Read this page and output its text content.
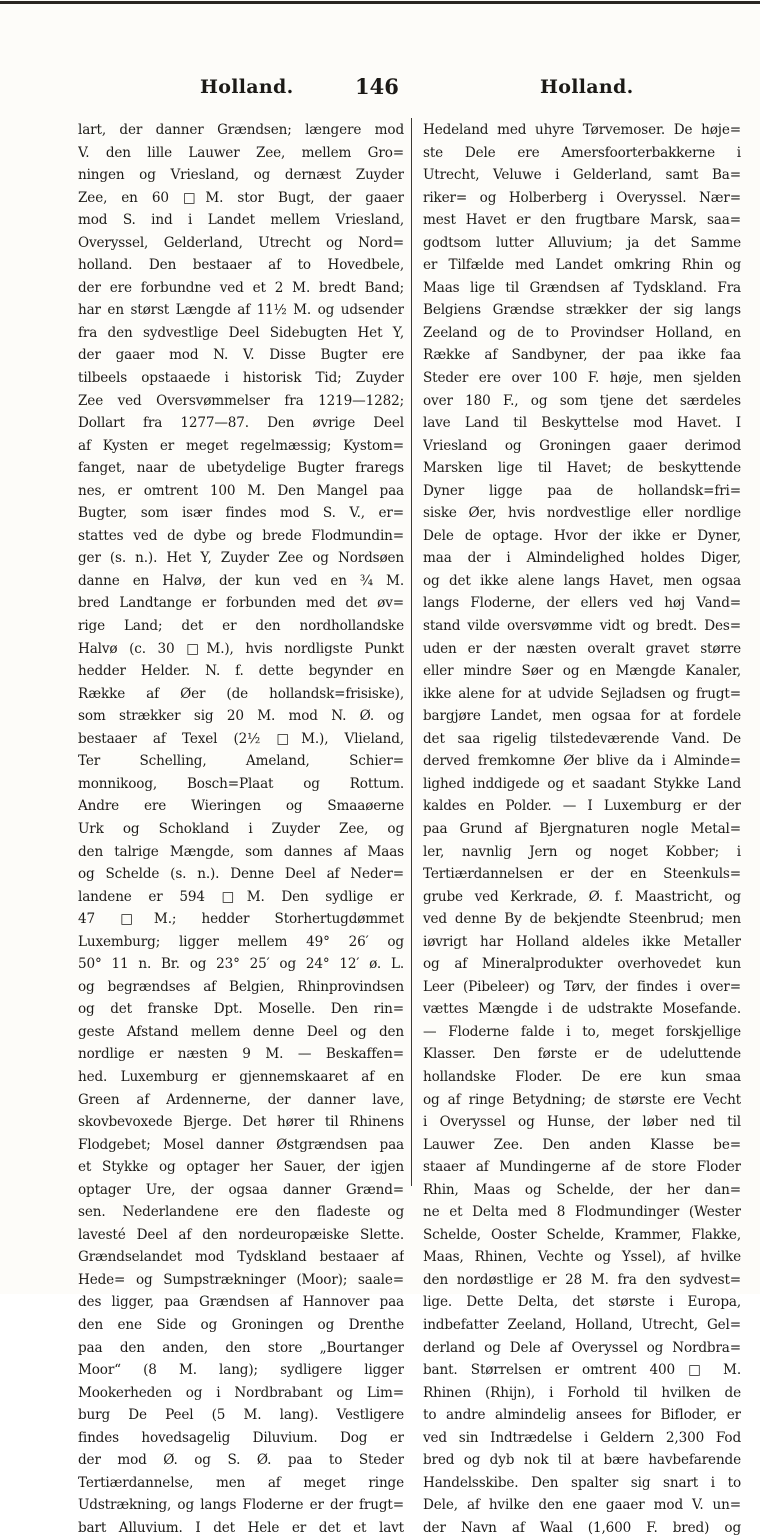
Holland.	146	Holland.
lart, der danner Grændsen; længere mod
V. den lille Lauwer Zee, mellem Gro=
ningen og Vriesland, og dernæst Zuyder
Zee, en 60 □M. stor Bugt, der gaaer
mod S. ind i Landet mellem Vriesland,
Overyssel, Gelderland, Utrecht og Nord=
holland. Den bestaaer af to Hovedbele,
der ere forbundne ved et 2 M. bredt Band;
har en størst Længde af 11½ M. og udsender
fra den sydvestlige Deel Sidebugten Het Y,
der gaaer mod N. V. Disse Bugter ere
tilbeels opstaaede i historisk Tid; Zuyder
Zee ved Oversvømmelser fra 1219—1282;
Dollart fra 1277—87. Den øvrige Deel
af Kysten er meget regelmæssig; Kystom=
fanget, naar de ubetydelige Bugter fraregs
nes, er omtrent 100 M. Den Mangel paa
Bugter, som især findes mod S. V., er=
stattes ved de dybe og brede Flodmundin=
ger (s. n.). Het Y, Zuyder Zee og Nordsøen
danne en Halvø, der kun ved en ¾ M.
bred Landtange er forbunden med det øv=
rige Land; det er den nordhollandske
Halvø (c. 30 □M.), hvis nordligste Punkt
hedder Helder. N. f. dette begynder en
Række af Øer (de hollandsk=frisiske),
som strækker sig 20 M. mod N. Ø. og
bestaaer af Texel (2½ □M.), Vlieland,
Ter Schelling, Ameland, Schier=
monnikoog, Bosch=Plaat og Rottum.
Andre ere Wieringen og Smaaøerne
Urk og Schokland i Zuyder Zee, og
den talrige Mængde, som dannes af Maas
og Schelde (s. n.). Denne Deel af Neder=
landene er 594 □M. Den sydlige er
47 □M.; hedder Storhertugdømmet
Luxemburg; ligger mellem 49° 26′ og
50° 11 n. Br. og 23° 25′ og 24° 12′ ø. L.
og begrændses af Belgien, Rhinprovindsen
og det franske Dpt. Moselle. Den rin=
geste Afstand mellem denne Deel og den
nordlige er næsten 9 M. — Beskaffen=
hed. Luxemburg er gjennemskaaret af en
Green af Ardennerne, der danner lave,
skovbevoxede Bjerge. Det hører til Rhinens
Flodgebet; Mosel danner Østgrændsen paa
et Stykke og optager her Sauer, der igjen
optager Ure, der ogsaa danner Grænd=
sen. Nederlandene ere den fladeste og
lavesté Deel af den nordeuropæiske Slette.
Grændselandet mod Tydskland bestaaer af
Hede= og Sumpstrækninger (Moor); saale=
des ligger, paa Grændsen af Hannover paa
den ene Side og Groningen og Drenthe
paa den anden, den store „Bourtanger
Moor“ (8 M. lang); sydligere ligger
Mookerheden og i Nordbrabant og Lim=
burg De Peel (5 M. lang). Vestligere
findes hovedsagelig Diluvium. Dog er
der mod Ø. og S. Ø. paa to Steder
Tertiærdannelse, men af meget ringe
Udstrækning, og langs Floderne er der frugt=
bart Alluvium. I det Hele er det et lavt
Hedeland med uhyre Tørvemoser. De høje=
ste Dele ere Amersfoorterbakkerne i
Utrecht, Veluwe i Gelderland, samt Ba=
riker= og Holberberg i Overyssel. Nær=
mest Havet er den frugtbare Marsk, saa=
godtsom lutter Alluvium; ja det Samme
er Tilfælde med Landet omkring Rhin og
Maas lige til Grændsen af Tydskland. Fra
Belgiens Grændse strækker der sig langs
Zeeland og de to Provindser Holland, en
Række af Sandbyner, der paa ikke faa
Steder ere over 100 F. høje, men sjelden
over 180 F., og som tjene det særdeles
lave Land til Beskyttelse mod Havet. I
Vriesland og Groningen gaaer derimod
Marsken lige til Havet; de beskyttende
Dyner ligge paa de hollandsk=fri=
siske Øer, hvis nordvestlige eller nordlige
Dele de optage. Hvor der ikke er Dyner,
maa der i Almindelighed holdes Diger,
og det ikke alene langs Havet, men ogsaa
langs Floderne, der ellers ved høj Vand=
stand vilde oversvømme vidt og bredt. Des=
uden er der næsten overalt gravet større
eller mindre Søer og en Mængde Kanaler,
ikke alene for at udvide Sejladsen og frugt=
bargjøre Landet, men ogsaa for at fordele
det saa rigelig tilstedeværende Vand. De
derved fremkomne Øer blive da i Alminde=
lighed inddigede og et saadant Stykke Land
kaldes en Polder. — I Luxemburg er der
paa Grund af Bjergnaturen nogle Metal=
ler, navnlig Jern og noget Kobber; i
Tertiærdannelsen er der en Steenkuls=
grube ved Kerkrade, Ø. f. Maastricht, og
ved denne By de bekjendte Steenbrud; men
iøvrigt har Holland aldeles ikke Metaller
og af Mineralprodukter overhovedet kun
Leer (Pibeleer) og Tørv, der findes i over=
vættes Mængde i de udstrakte Mosefande.
— Floderne falde i to, meget forskjellige
Klasser. Den første er de udeluttende
hollandske Floder. De ere kun smaa
og af ringe Betydning; de største ere Vecht
i Overyssel og Hunse, der løber ned til
Lauwer Zee. Den anden Klasse be=
staaer af Mundingerne af de store Floder
Rhin, Maas og Schelde, der her dan=
ne et Delta med 8 Flodmundinger (Wester
Schelde, Ooster Schelde, Krammer, Flakke,
Maas, Rhinen, Vechte og Yssel), af hvilke
den nordøstlige er 28 M. fra den sydvest=
lige. Dette Delta, det største i Europa,
indbefatter Zeeland, Holland, Utrecht, Gel=
derland og Dele af Overyssel og Nordbra=
bant. Størrelsen er omtrent 400 □ M.
Rhinen (Rhijn), i Forhold til hvilken de
to andre almindelig ansees for Bifloder, er
ved sin Indtrædelse i Geldern 2,300 Fod
bred og dyb nok til at bære havbefarende
Handelsskibe. Den spalter sig snart i to
Dele, af hvilke den ene gaaer mod V. un=
der Navn af Waal (1,600 F. bred) og
